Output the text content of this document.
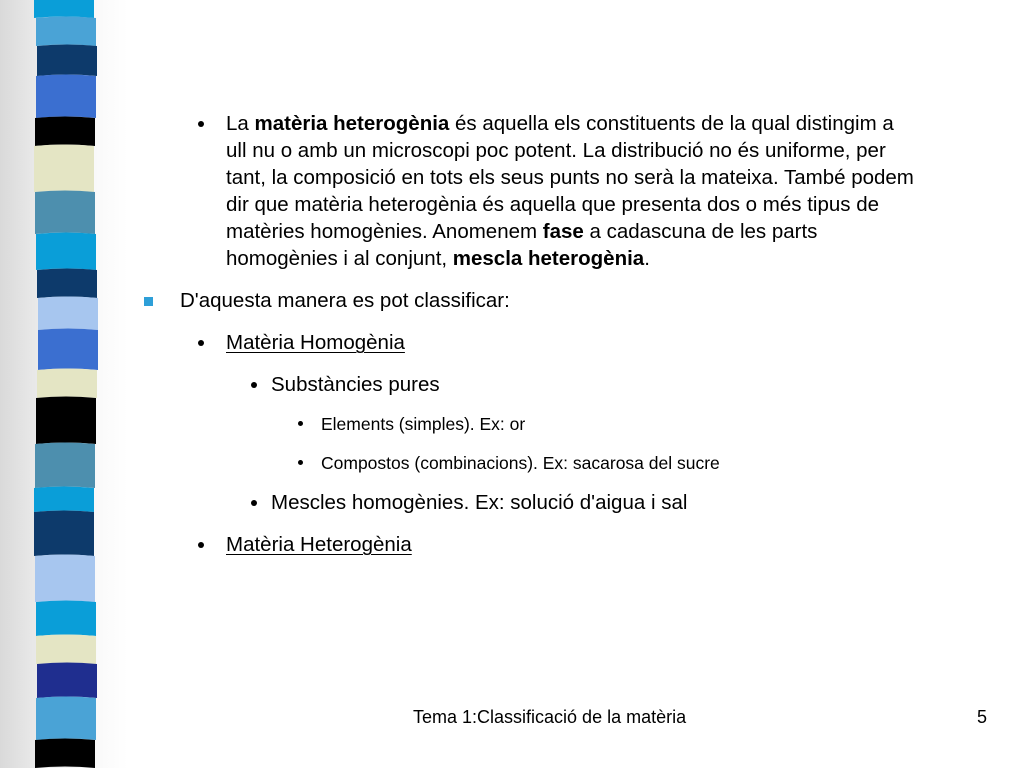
La matèria heterogènia és aquella els constituents de la qual distingim a
ull nu o amb un microscopi poc potent. La distribució no és uniforme, per
tant, la composició en tots els seus punts no serà la mateixa. També podem
dir que matèria heterogènia és aquella que presenta dos o més tipus de
matèries homogènies. Anomenem fase a cadascuna de les parts
homogènies i al conjunt, mescla heterogènia.
D'aquesta manera es pot classificar:
Matèria Homogènia
Substàncies pures
Elements (simples). Ex: or
Compostos (combinacions). Ex: sacarosa del sucre
Mescles homogènies. Ex: solució d'aigua i sal
Matèria Heterogènia
Tema 1:Classificació de la matèria	5
